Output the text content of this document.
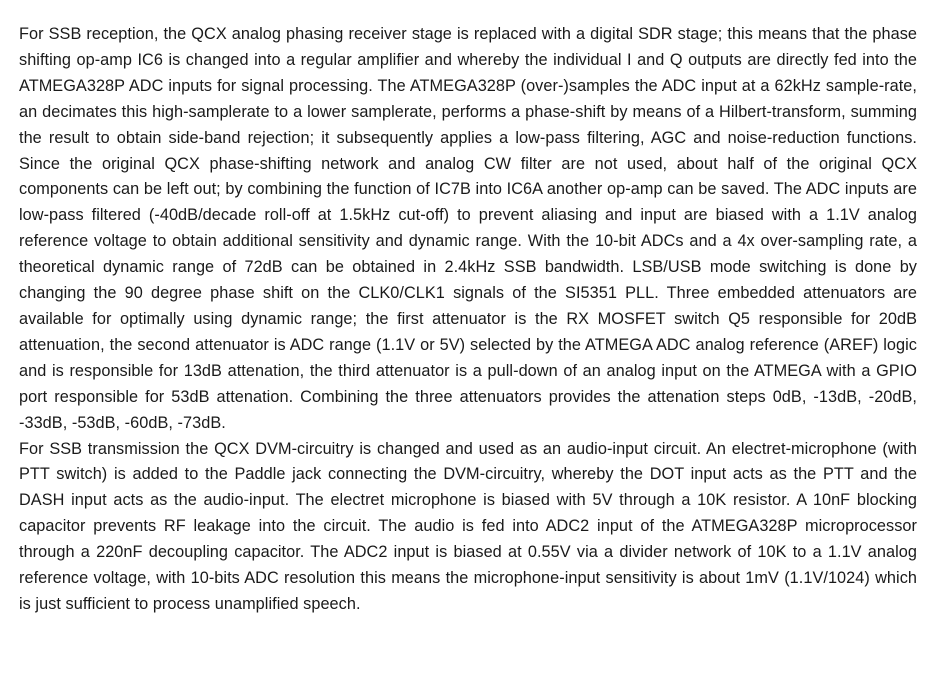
For SSB reception, the QCX analog phasing receiver stage is replaced with a digital SDR stage; this means that the phase shifting op-amp IC6 is changed into a regular amplifier and whereby the individual I and Q outputs are directly fed into the ATMEGA328P ADC inputs for signal processing. The ATMEGA328P (over-)samples the ADC input at a 62kHz sample-rate, an decimates this high-samplerate to a lower samplerate, performs a phase-shift by means of a Hilbert-transform, summing the result to obtain side-band rejection; it subsequently applies a low-pass filtering, AGC and noise-reduction functions. Since the original QCX phase-shifting network and analog CW filter are not used, about half of the original QCX components can be left out; by combining the function of IC7B into IC6A another op-amp can be saved. The ADC inputs are low-pass filtered (-40dB/decade roll-off at 1.5kHz cut-off) to prevent aliasing and input are biased with a 1.1V analog reference voltage to obtain additional sensitivity and dynamic range. With the 10-bit ADCs and a 4x over-sampling rate, a theoretical dynamic range of 72dB can be obtained in 2.4kHz SSB bandwidth. LSB/USB mode switching is done by changing the 90 degree phase shift on the CLK0/CLK1 signals of the SI5351 PLL. Three embedded attenuators are available for optimally using dynamic range; the first attenuator is the RX MOSFET switch Q5 responsible for 20dB attenuation, the second attenuator is ADC range (1.1V or 5V) selected by the ATMEGA ADC analog reference (AREF) logic and is responsible for 13dB attenation, the third attenuator is a pull-down of an analog input on the ATMEGA with a GPIO port responsible for 53dB attenation. Combining the three attenuators provides the attenation steps 0dB, -13dB, -20dB, -33dB, -53dB, -60dB, -73dB.

For SSB transmission the QCX DVM-circuitry is changed and used as an audio-input circuit. An electret-microphone (with PTT switch) is added to the Paddle jack connecting the DVM-circuitry, whereby the DOT input acts as the PTT and the DASH input acts as the audio-input. The electret microphone is biased with 5V through a 10K resistor. A 10nF blocking capacitor prevents RF leakage into the circuit. The audio is fed into ADC2 input of the ATMEGA328P microprocessor through a 220nF decoupling capacitor. The ADC2 input is biased at 0.55V via a divider network of 10K to a 1.1V analog reference voltage, with 10-bits ADC resolution this means the microphone-input sensitivity is about 1mV (1.1V/1024) which is just sufficient to process unamplified speech.
